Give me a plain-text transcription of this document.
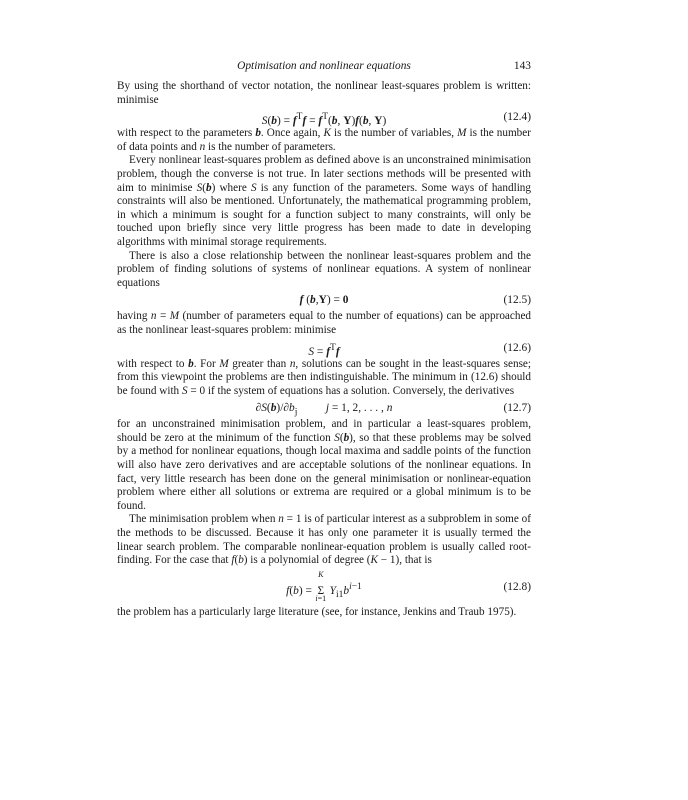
Optimisation and nonlinear equations	143

By using the shorthand of vector notation, the nonlinear least-squares problem is written: minimise

$S(b) = f^Tf = f^T(b$, Y)f(b, Y)	(12.4)

with respect to the parameters b. Once again, K is the number of variables, M is the number of data points and n is the number of parameters.

Every nonlinear least-squares problem as defined above is an unconstrained minimisation problem, though the converse is not true. In later sections methods will be presented with aim to minimise S(b) where S is any function of the parameters. Some ways of handling constraints will also be mentioned. Unfortunately, the mathematical programming problem, in which a minimum is sought for a function subject to many constraints, will only be touched upon briefly since very little progress has been made to date in developing algorithms with minimal storage requirements.

There is also a close relationship between the nonlinear least-squares problem and the problem of finding solutions of systems of nonlinear equations. A system of nonlinear equations

f (b,Y) = 0	(12.5)

having n = M (number of parameters equal to the number of equations) can be approached as the nonlinear least-squares problem: minimise

$S = f^Tf$	(12.6)

with respect to b. For M greater than n, solutions can be sought in the least-squares sense; from this viewpoint the problems are then indistinguishable. The minimum in (12.6) should be found with S = 0 if the system of equations has a solution. Conversely, the derivatives

$\partial S(b)/\partial b_j$ j = 1, 2, . . . , n	(12.7)

for an unconstrained minimisation problem, and in particular a least-squares problem, should be zero at the minimum of the function S(b), so that these problems may be solved by a method for nonlinear equations, though local maxima and saddle points of the function will also have zero derivatives and are acceptable solutions of the nonlinear equations. In fact, very little research has been done on the general minimisation or nonlinear-equation problem where either all solutions or extrema are required or a global minimum is to be found.

The minimisation problem when n = 1 is of particular interest as a subproblem in some of the methods to be discussed. Because it has only one parameter it is usually termed the linear search problem. The comparable nonlinear-equation problem is usually called root-finding. For the case that f(b) is a polynomial of degree (K − 1), that is

f(b) =
K
Σ
i=1
$Y_{i1}b^{i-1}$	(12.8)

the problem has a particularly large literature (see, for instance, Jenkins and Traub 1975).
